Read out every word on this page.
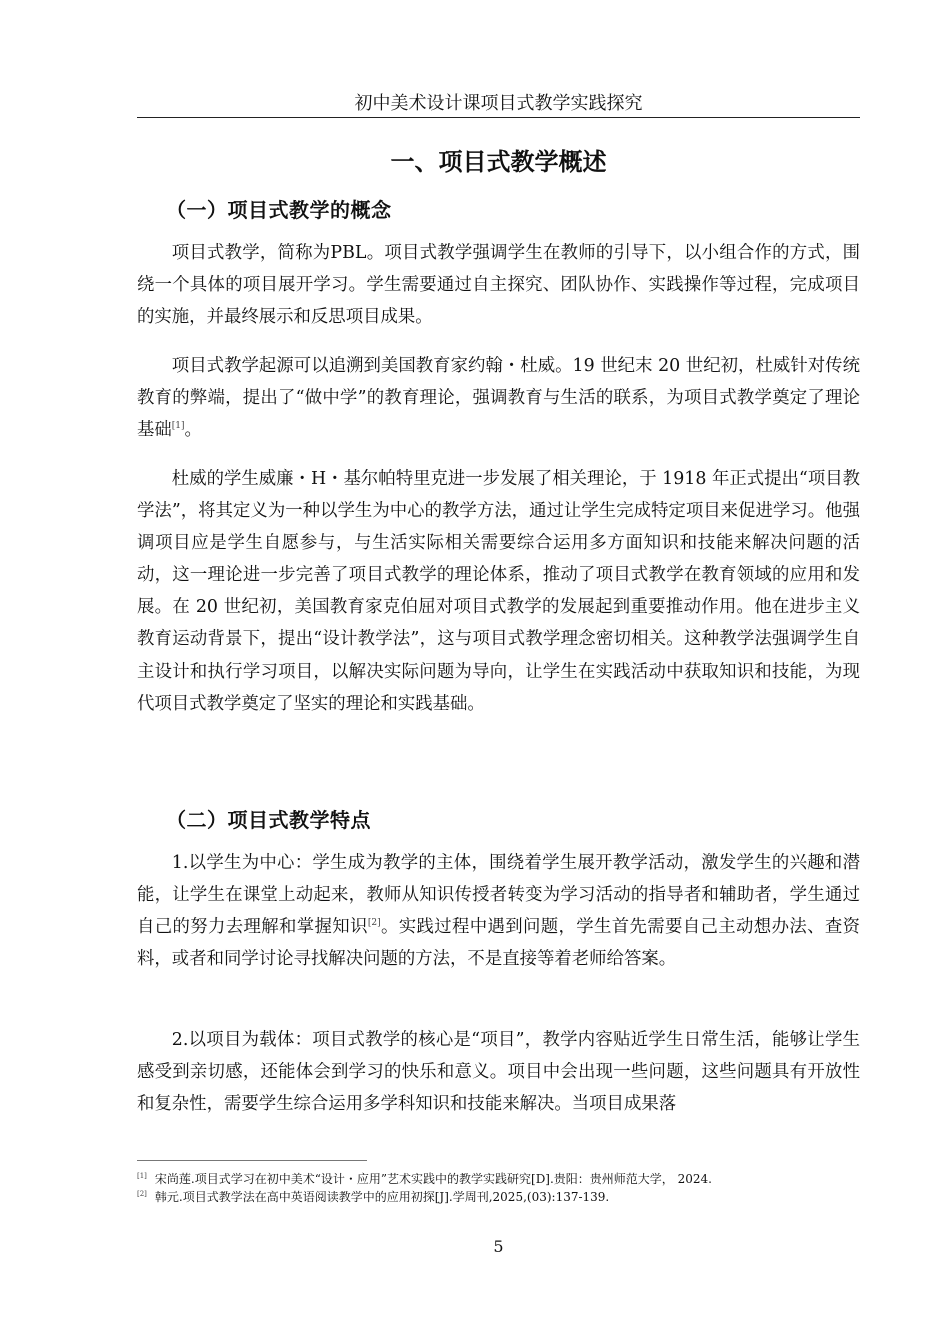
初中美术设计课项目式教学实践探究
一、项目式教学概述
（一）项目式教学的概念
项目式教学，简称为PBL。项目式教学强调学生在教师的引导下，以小组合作的方式，围绕一个具体的项目展开学习。学生需要通过自主探究、团队协作、实践操作等过程，完成项目的实施，并最终展示和反思项目成果。
项目式教学起源可以追溯到美国教育家约翰・杜威。19 世纪末 20 世纪初，杜威针对传统教育的弊端，提出了“做中学”的教育理论，强调教育与生活的联系，为项目式教学奠定了理论基础[1]。
杜威的学生威廉・H・基尔帕特里克进一步发展了相关理论，于 1918 年正式提出“项目教学法”，将其定义为一种以学生为中心的教学方法，通过让学生完成特定项目来促进学习。他强调项目应是学生自愿参与，与生活实际相关需要综合运用多方面知识和技能来解决问题的活动，这一理论进一步完善了项目式教学的理论体系，推动了项目式教学在教育领域的应用和发展。在 20 世纪初，美国教育家克伯屈对项目式教学的发展起到重要推动作用。他在进步主义教育运动背景下，提出“设计教学法”，这与项目式教学理念密切相关。这种教学法强调学生自主设计和执行学习项目，以解决实际问题为导向，让学生在实践活动中获取知识和技能，为现代项目式教学奠定了坚实的理论和实践基础。
（二）项目式教学特点
1.以学生为中心：学生成为教学的主体，围绕着学生展开教学活动，激发学生的兴趣和潜能，让学生在课堂上动起来，教师从知识传授者转变为学习活动的指导者和辅助者，学生通过自己的努力去理解和掌握知识[2]。实践过程中遇到问题，学生首先需要自己主动想办法、查资料，或者和同学讨论寻找解决问题的方法，不是直接等着老师给答案。
2.以项目为载体：项目式教学的核心是“项目”，教学内容贴近学生日常生活，能够让学生感受到亲切感，还能体会到学习的快乐和意义。项目中会出现一些问题，这些问题具有开放性和复杂性，需要学生综合运用多学科知识和技能来解决。当项目成果落
[1] 宋尚莲.项目式学习在初中美术“设计・应用”艺术实践中的教学实践研究[D].贵阳：贵州师范大学， 2024.
[2] 韩元.项目式教学法在高中英语阅读教学中的应用初探[J].学周刊,2025,(03):137-139.
5
